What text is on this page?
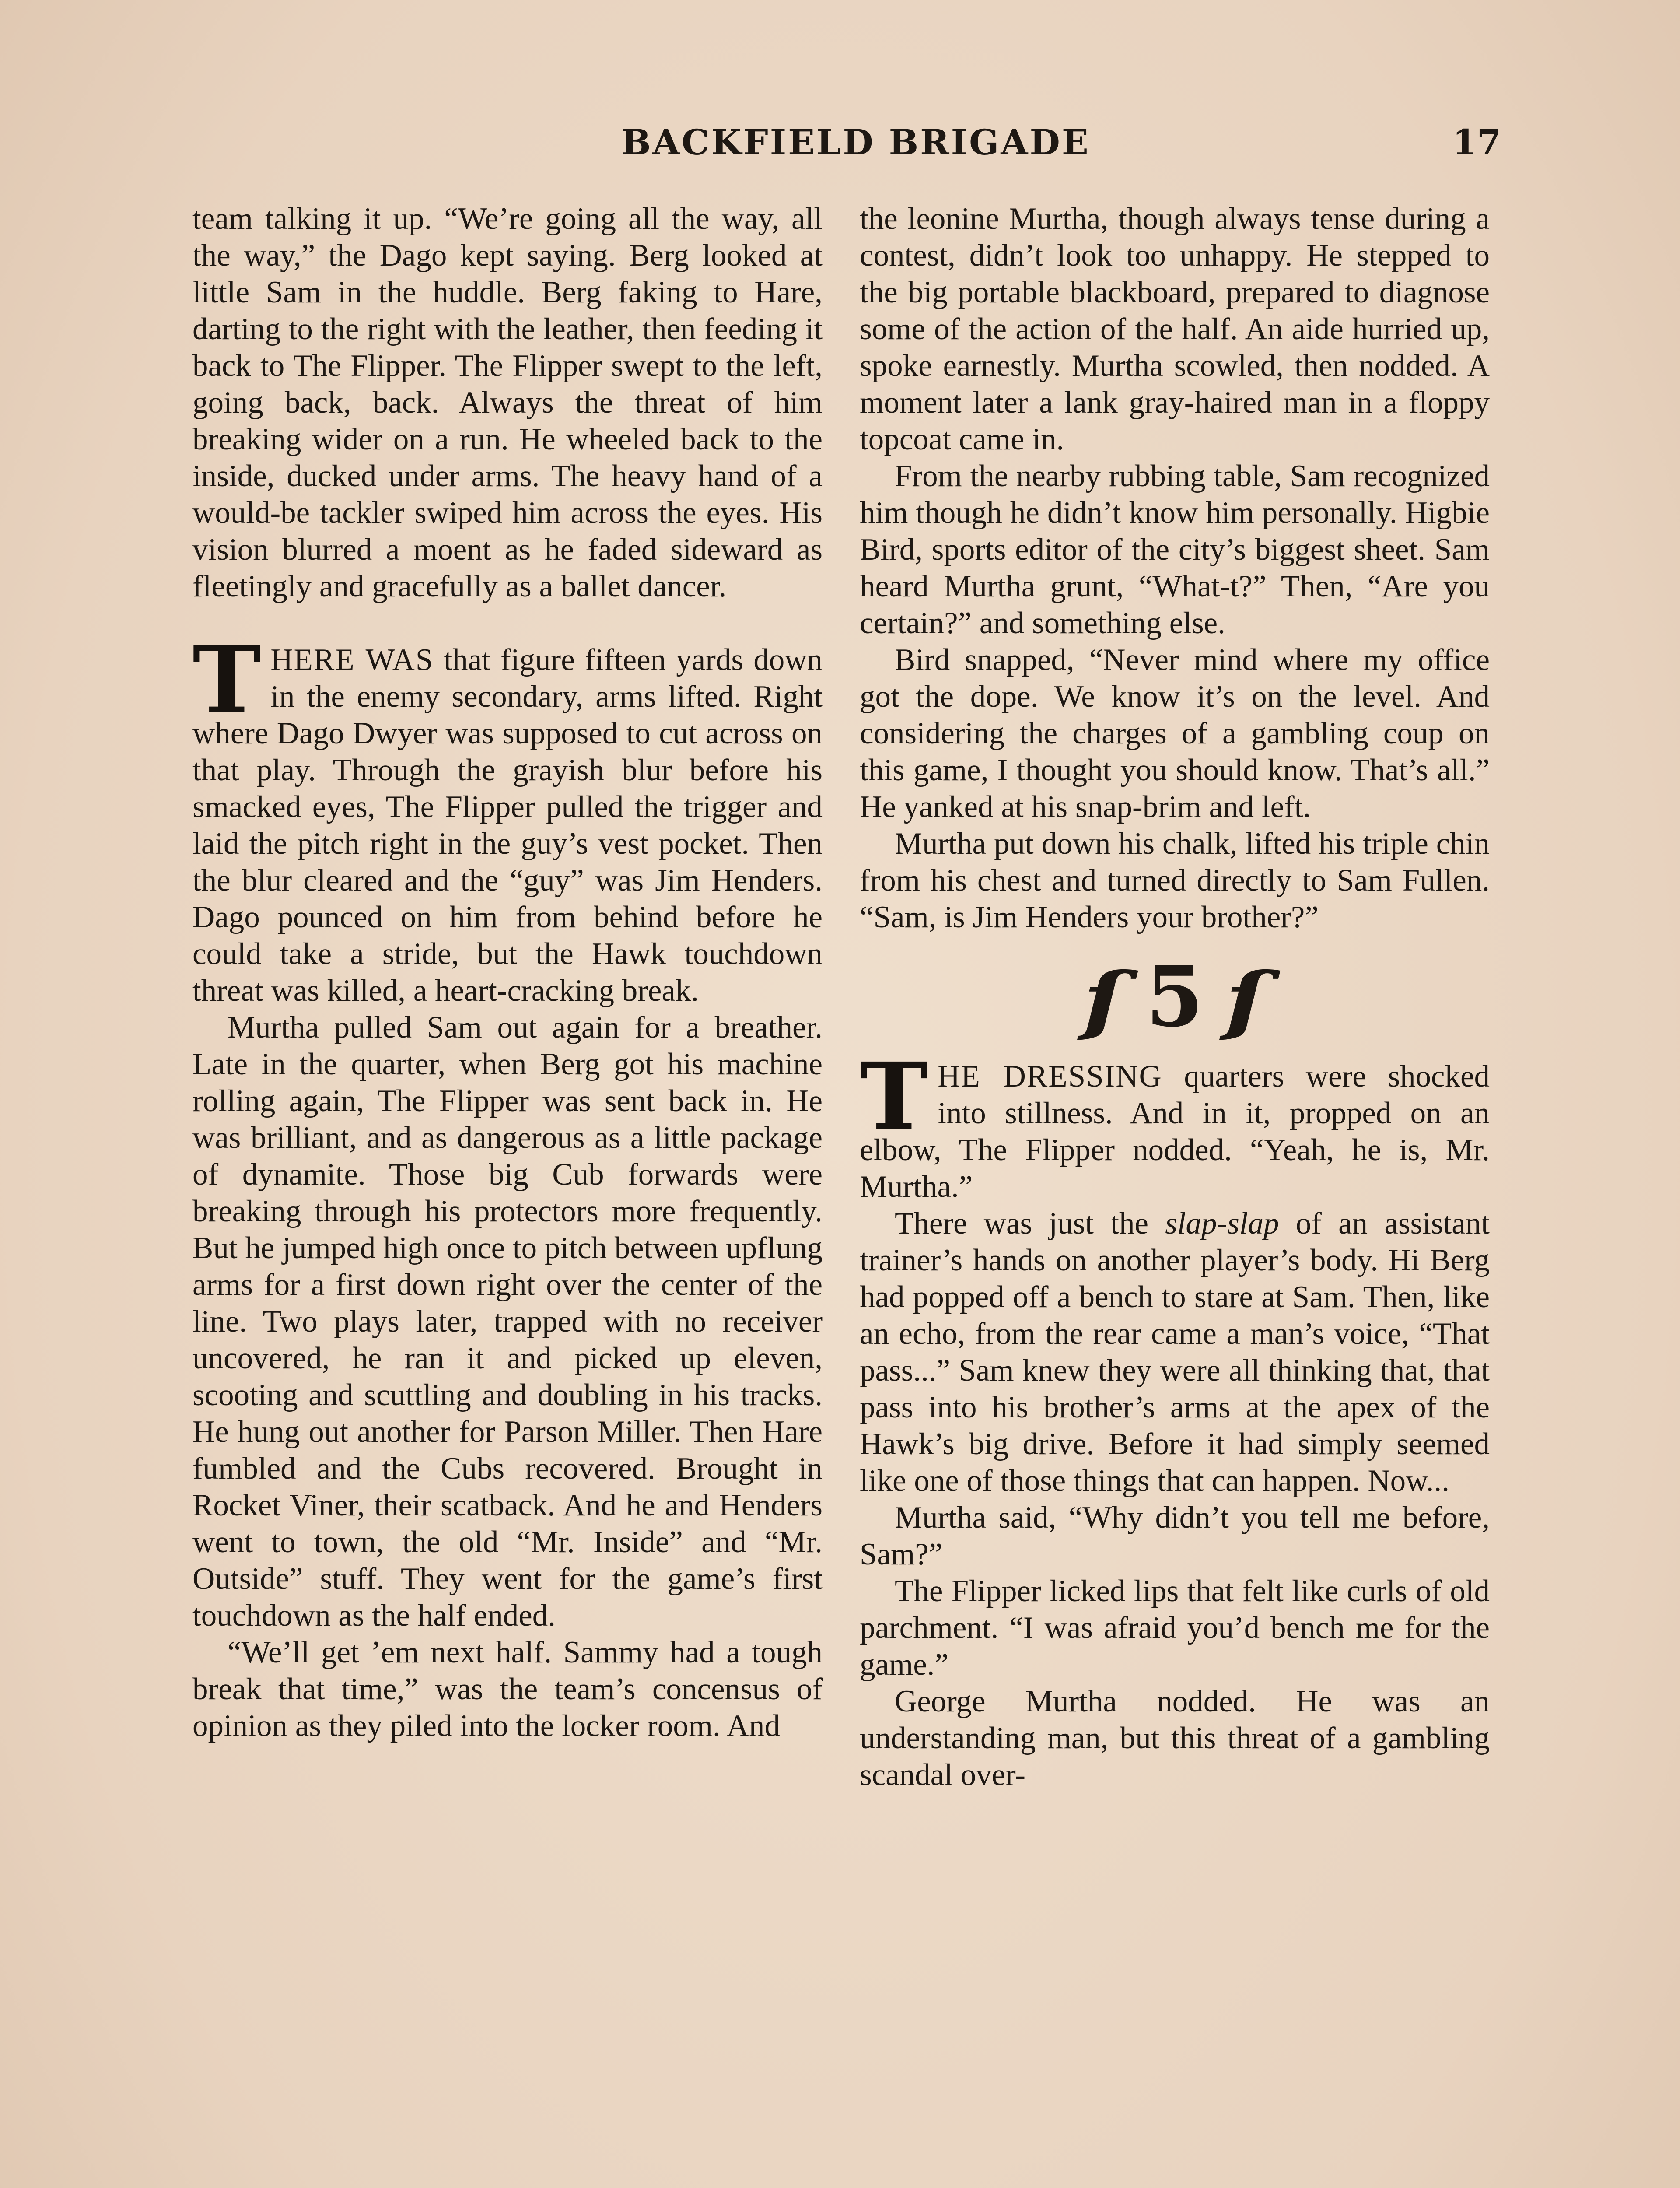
BACKFIELD BRIGADE	17

team talking it up. “We’re going all the way, all the way,” the Dago kept saying. Berg looked at little Sam in the huddle. Berg faking to Hare, darting to the right with the leather, then feeding it back to The Flipper. The Flipper swept to the left, going back, back. Always the threat of him breaking wider on a run. He wheeled back to the inside, ducked under arms. The heavy hand of a would-be tackler swiped him across the eyes. His vision blurred a moent as he faded sideward as fleetingly and gracefully as a ballet dancer.

THERE WAS that figure fifteen yards down in the enemy secondary, arms lifted. Right where Dago Dwyer was supposed to cut across on that play. Through the grayish blur before his smacked eyes, The Flipper pulled the trigger and laid the pitch right in the guy’s vest pocket. Then the blur cleared and the “guy” was Jim Henders. Dago pounced on him from behind before he could take a stride, but the Hawk touchdown threat was killed, a heart-cracking break.

Murtha pulled Sam out again for a breather. Late in the quarter, when Berg got his machine rolling again, The Flipper was sent back in. He was brilliant, and as dangerous as a little package of dynamite. Those big Cub forwards were breaking through his protectors more frequently. But he jumped high once to pitch between upflung arms for a first down right over the center of the line. Two plays later, trapped with no receiver uncovered, he ran it and picked up eleven, scooting and scuttling and doubling in his tracks. He hung out another for Parson Miller. Then Hare fumbled and the Cubs recovered. Brought in Rocket Viner, their scatback. And he and Henders went to town, the old “Mr. Inside” and “Mr. Outside” stuff. They went for the game’s first touchdown as the half ended.

“We’ll get ’em next half. Sammy had a tough break that time,” was the team’s concensus of opinion as they piled into the locker room. And

the leonine Murtha, though always tense during a contest, didn’t look too unhappy. He stepped to the big portable blackboard, prepared to diagnose some of the action of the half. An aide hurried up, spoke earnestly. Murtha scowled, then nodded. A moment later a lank gray-haired man in a floppy topcoat came in.

From the nearby rubbing table, Sam recognized him though he didn’t know him personally. Higbie Bird, sports editor of the city’s biggest sheet. Sam heard Murtha grunt, “What-t?” Then, “Are you certain?” and something else.

Bird snapped, “Never mind where my office got the dope. We know it’s on the level. And considering the charges of a gambling coup on this game, I thought you should know. That’s all.” He yanked at his snap-brim and left.

Murtha put down his chalk, lifted his triple chin from his chest and turned directly to Sam Fullen. “Sam, is Jim Henders your brother?”

ſ 5 ſ

THE DRESSING quarters were shocked into stillness. And in it, propped on an elbow, The Flipper nodded. “Yeah, he is, Mr. Murtha.”

There was just the slap-slap of an assistant trainer’s hands on another player’s body. Hi Berg had popped off a bench to stare at Sam. Then, like an echo, from the rear came a man’s voice, “That pass...” Sam knew they were all thinking that, that pass into his brother’s arms at the apex of the Hawk’s big drive. Before it had simply seemed like one of those things that can happen. Now...

Murtha said, “Why didn’t you tell me before, Sam?”

The Flipper licked lips that felt like curls of old parchment. “I was afraid you’d bench me for the game.”

George Murtha nodded. He was an understanding man, but this threat of a gambling scandal over-
